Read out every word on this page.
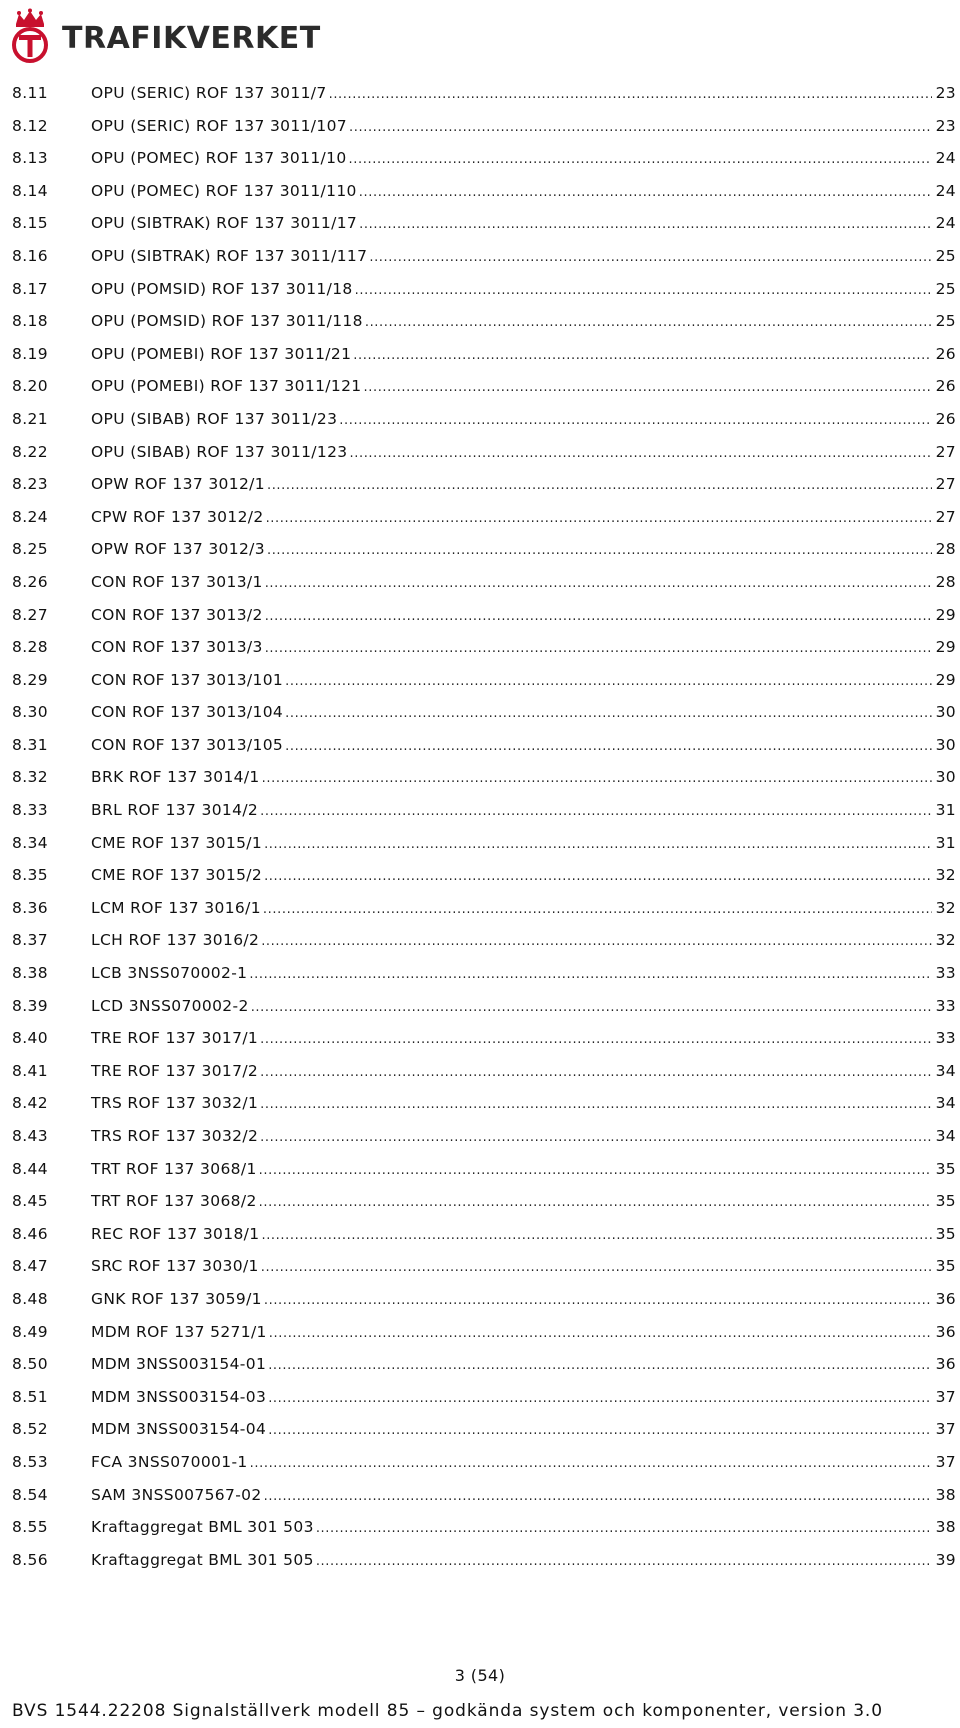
TRAFIKVERKET
8.11	OPU (SERIC) ROF 137 3011/7 .....	23
8.12	OPU (SERIC) ROF 137 3011/107 .....	23
8.13	OPU (POMEC) ROF 137 3011/10 .....	24
8.14	OPU (POMEC) ROF 137 3011/110 .....	24
8.15	OPU (SIBTRAK) ROF 137 3011/17 .....	24
8.16	OPU (SIBTRAK) ROF 137 3011/117 .....	25
8.17	OPU (POMSID) ROF 137 3011/18 .....	25
8.18	OPU (POMSID) ROF 137 3011/118 .....	25
8.19	OPU (POMEBI) ROF 137 3011/21 .....	26
8.20	OPU (POMEBI) ROF 137 3011/121 .....	26
8.21	OPU (SIBAB) ROF 137 3011/23 .....	26
8.22	OPU (SIBAB) ROF 137 3011/123 .....	27
8.23	OPW ROF 137 3012/1 .....	27
8.24	CPW ROF 137 3012/2 .....	27
8.25	OPW ROF 137 3012/3 .....	28
8.26	CON ROF 137 3013/1 .....	28
8.27	CON ROF 137 3013/2 .....	29
8.28	CON ROF 137 3013/3 .....	29
8.29	CON ROF 137 3013/101 .....	29
8.30	CON ROF 137 3013/104 .....	30
8.31	CON ROF 137 3013/105 .....	30
8.32	BRK ROF 137 3014/1 .....	30
8.33	BRL ROF 137 3014/2 .....	31
8.34	CME ROF 137 3015/1 .....	31
8.35	CME ROF 137 3015/2 .....	32
8.36	LCM ROF 137 3016/1 .....	32
8.37	LCH ROF 137 3016/2 .....	32
8.38	LCB 3NSS070002-1 .....	33
8.39	LCD 3NSS070002-2 .....	33
8.40	TRE ROF 137 3017/1 .....	33
8.41	TRE ROF 137 3017/2 .....	34
8.42	TRS ROF 137 3032/1 .....	34
8.43	TRS ROF 137 3032/2 .....	34
8.44	TRT ROF 137 3068/1 .....	35
8.45	TRT ROF 137 3068/2 .....	35
8.46	REC ROF 137 3018/1 .....	35
8.47	SRC ROF 137 3030/1 .....	35
8.48	GNK ROF 137 3059/1 .....	36
8.49	MDM ROF 137 5271/1 .....	36
8.50	MDM 3NSS003154-01 .....	36
8.51	MDM 3NSS003154-03 .....	37
8.52	MDM 3NSS003154-04 .....	37
8.53	FCA 3NSS070001-1 .....	37
8.54	SAM 3NSS007567-02 .....	38
8.55	Kraftaggregat BML 301 503 .....	38
8.56	Kraftaggregat BML 301 505 .....	39
3 (54)
BVS 1544.22208 Signalställverk modell 85 – godkända system och komponenter, version 3.0
